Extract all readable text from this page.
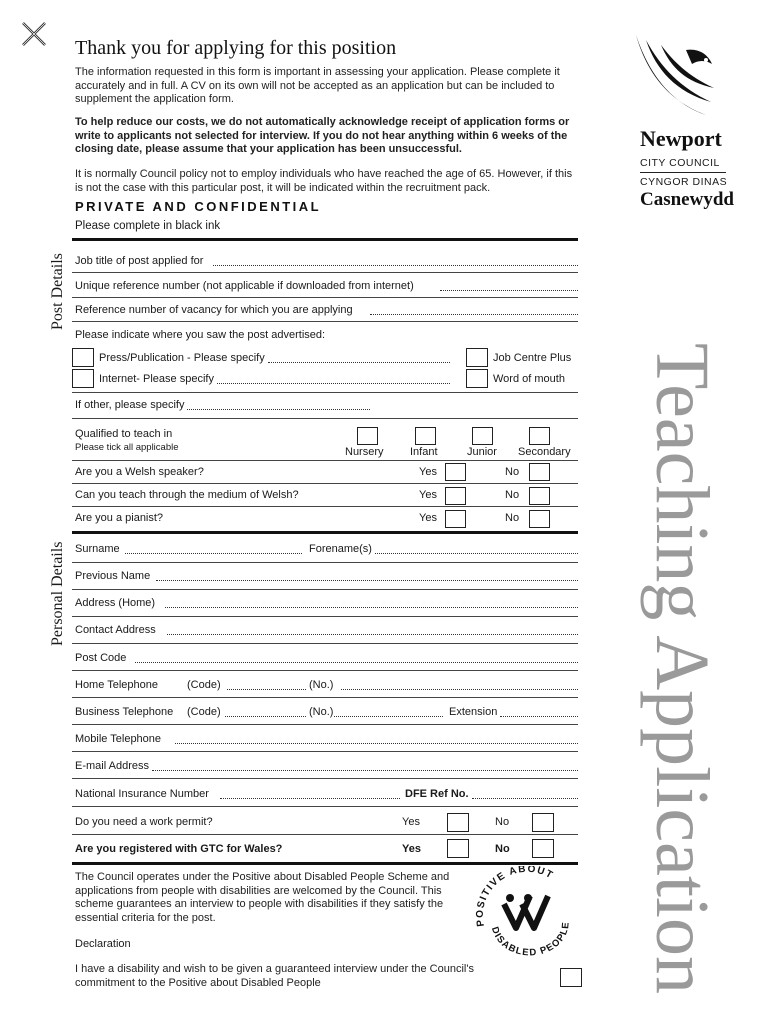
Thank you for applying for this position
The information requested in this form is important in assessing your application. Please complete it accurately and in full. A CV on its own will not be accepted as an application but can be included to supplement the application form.
To help reduce our costs, we do not automatically acknowledge receipt of application forms or write to applicants not selected for interview. If you do not hear anything within 6 weeks of the closing date, please assume that your application has been unsuccessful.
It is normally Council policy not to employ individuals who have reached the age of 65. However, if this is not the case with this particular post, it will be indicated within the recruitment pack.
PRIVATE AND CONFIDENTIAL
Please complete in black ink
Newport
CITY COUNCIL
CYNGOR DINAS
Casnewydd
Teaching Application
Post Details
Personal Details
Job title of post applied for
Unique reference number (not applicable if downloaded from internet)
Reference number of vacancy for which you are applying
Please indicate where you saw the post advertised:
Press/Publication - Please specify	Job Centre Plus
Internet- Please specify	Word of mouth
If other, please specify
Qualified to teach in
Please tick all applicable	Nursery Infant	Junior Secondary
Are you a Welsh speaker?	Yes	No
Can you teach through the medium of Welsh?	Yes	No
Are you a pianist?	Yes	No
Surname	Forename(s)
Previous Name
Address (Home)
Contact Address
Post Code
Home Telephone	(Code)	(No.)
Business Telephone (Code)	(No.)	Extension
Mobile Telephone
E-mail Address
National Insurance Number	DFE Ref No.
Do you need a work permit?	Yes	No
Are you registered with GTC for Wales?	Yes	No
The Council operates under the Positive about Disabled People Scheme and applications from people with disabilities are welcomed by the Council. This scheme guarantees an interview to people with disabilities if they satisfy the essential criteria for the post.
Declaration
I have a disability and wish to be given a guaranteed interview under the Council's commitment to the Positive about Disabled People
POSITIVE ABOUT
DISABLED PEOPLE
